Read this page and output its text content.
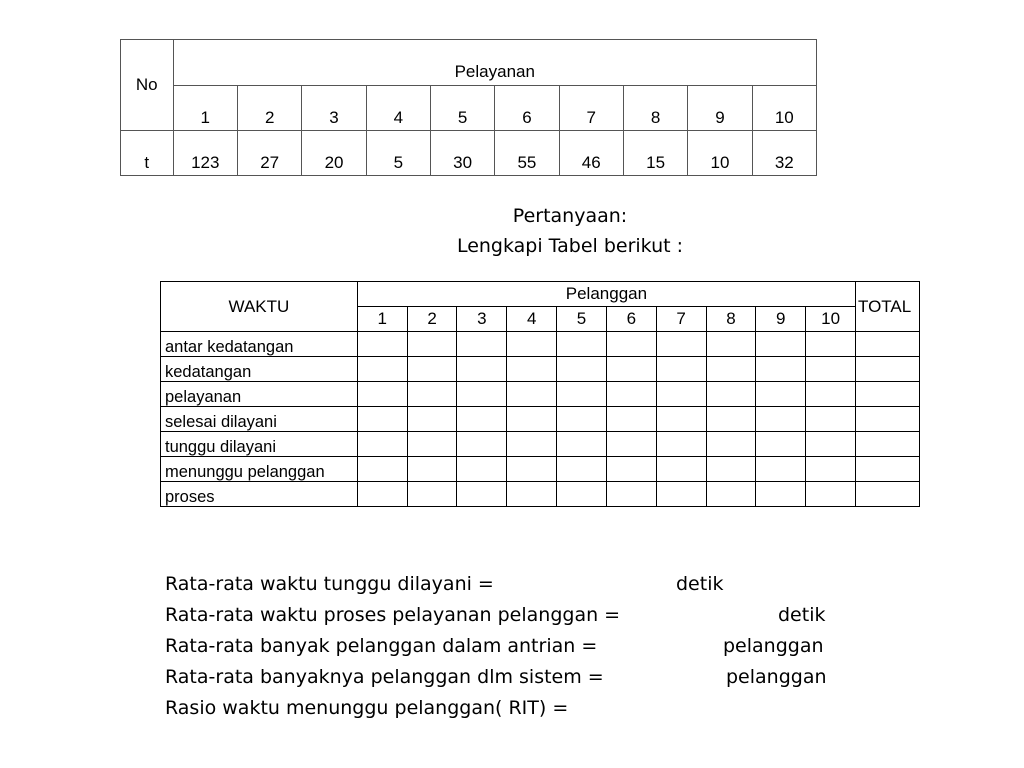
No	Pelayanan									
	1	2	3	4	5	6	7	8	9	10
t	123	27	20	5	30	55	46	15	10	32
Pertanyaan:
Lengkapi Tabel berikut :
WAKTU	Pelanggan										TOTAL
	1	2	3	4	5	6	7	8	9	10	
antar kedatangan											
kedatangan											
pelayanan											
selesai dilayani											
tunggu dilayani											
menunggu pelanggan											
proses											
Rata-rata waktu tunggu dilayani =	detik
Rata-rata waktu proses pelayanan pelanggan =	detik
Rata-rata banyak pelanggan dalam antrian =	pelanggan
Rata-rata banyaknya pelanggan dlm sistem =	pelanggan
Rasio waktu menunggu pelanggan( RIT) =
